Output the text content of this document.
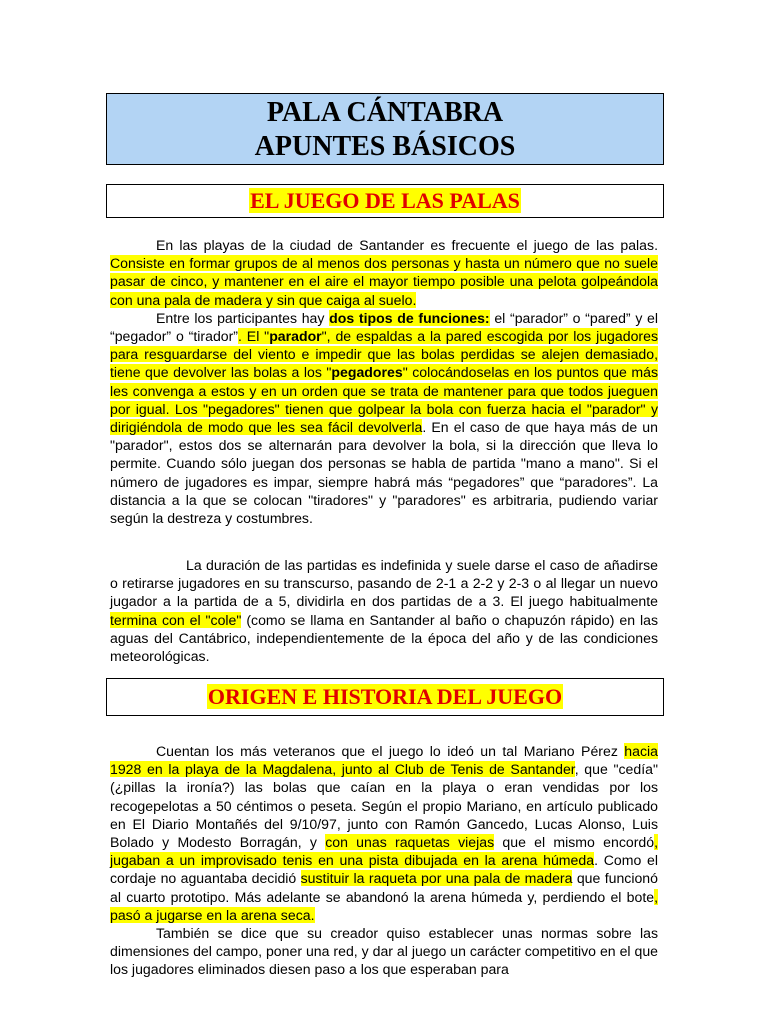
PALA CÁNTABRA
APUNTES BÁSICOS
EL JUEGO DE LAS PALAS

En las playas de la ciudad de Santander es frecuente el juego de las palas. Consiste en formar grupos de al menos dos personas y hasta un número que no suele pasar de cinco, y mantener en el aire el mayor tiempo posible una pelota golpeándola con una pala de madera y sin que caiga al suelo.

Entre los participantes hay dos tipos de funciones: el “parador” o “pared” y el “pegador” o “tirador”. El "parador", de espaldas a la pared escogida por los jugadores para resguardarse del viento e impedir que las bolas perdidas se alejen demasiado, tiene que devolver las bolas a los "pegadores" colocándoselas en los puntos que más les convenga a estos y en un orden que se trata de mantener para que todos jueguen por igual. Los "pegadores" tienen que golpear la bola con fuerza hacia el "parador" y dirigiéndola de modo que les sea fácil devolverla. En el caso de que haya más de un "parador", estos dos se alternarán para devolver la bola, si la dirección que lleva lo permite. Cuando sólo juegan dos personas se habla de partida "mano a mano". Si el número de jugadores es impar, siempre habrá más “pegadores” que “paradores”. La distancia a la que se colocan "tiradores" y "paradores" es arbitraria, pudiendo variar según la destreza y costumbres.

La duración de las partidas es indefinida y suele darse el caso de añadirse o retirarse jugadores en su transcurso, pasando de 2-1 a 2-2 y 2-3 o al llegar un nuevo jugador a la partida de a 5, dividirla en dos partidas de a 3. El juego habitualmente termina con el "cole" (como se llama en Santander al baño o chapuzón rápido) en las aguas del Cantábrico, independientemente de la época del año y de las condiciones meteorológicas.

ORIGEN E HISTORIA DEL JUEGO

Cuentan los más veteranos que el juego lo ideó un tal Mariano Pérez hacia 1928 en la playa de la Magdalena, junto al Club de Tenis de Santander, que "cedía" (¿pillas la ironía?) las bolas que caían en la playa o eran vendidas por los recogepelotas a 50 céntimos o peseta. Según el propio Mariano, en artículo publicado en El Diario Montañés del 9/10/97, junto con Ramón Gancedo, Lucas Alonso, Luis Bolado y Modesto Borragán, y con unas raquetas viejas que el mismo encordó, jugaban a un improvisado tenis en una pista dibujada en la arena húmeda. Como el cordaje no aguantaba decidió sustituir la raqueta por una pala de madera que funcionó al cuarto prototipo. Más adelante se abandonó la arena húmeda y, perdiendo el bote, pasó a jugarse en la arena seca.

También se dice que su creador quiso establecer unas normas sobre las dimensiones del campo, poner una red, y dar al juego un carácter competitivo en el que los jugadores eliminados diesen paso a los que esperaban para
